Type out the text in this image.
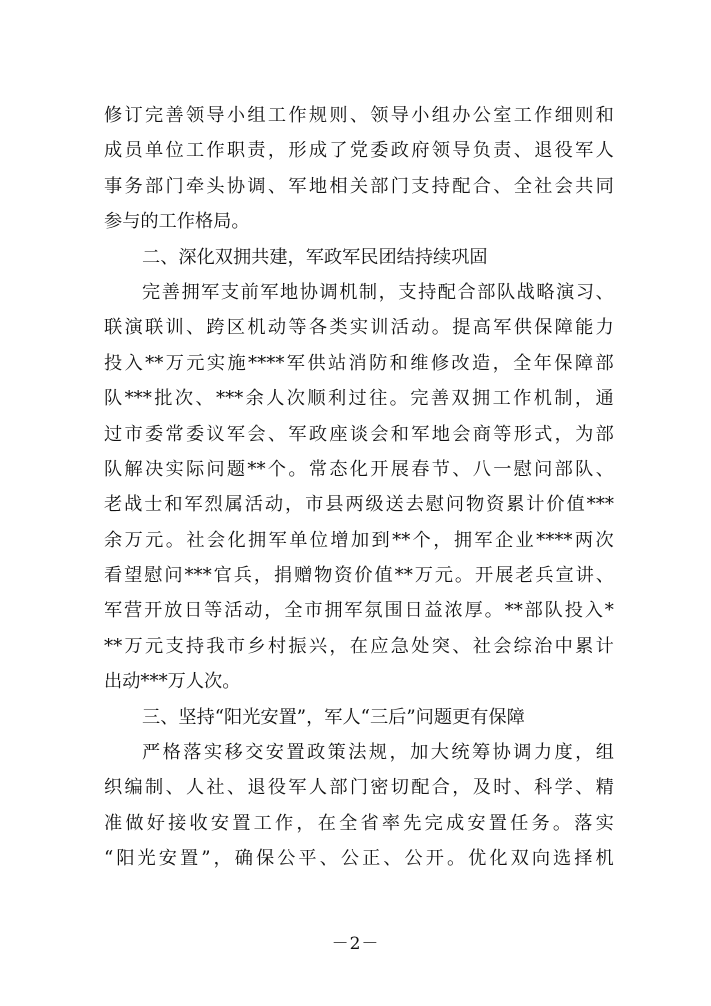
修 订 完 善 领 导 小 组 工 作 规 则 、 领 导 小 组 办 公 室 工 作 细 则 和
成 员 单 位 工 作 职 责 ， 形 成 了 党 委 政 府 领 导 负 责 、 退 役 军 人
事 务 部 门 牵 头 协 调 、 军 地 相 关 部 门 支 持 配 合 、 全 社 会 共 同
参与的工作格局。
二、深化双拥共建，军政军民团结持续巩固
完 善 拥 军 支 前 军 地 协 调 机 制 ， 支 持 配 合 部 队 战 略 演 习 、
联 演 联 训 、 跨 区 机 动 等 各 类 实 训 活 动 。 提 高 军 供 保 障 能 力
投 入 ** 万 元 实 施 **** 军 供 站 消 防 和 维 修 改 造 ， 全 年 保 障 部
队 *** 批 次 、 *** 余 人 次 顺 利 过 往 。 完 善 双 拥 工 作 机 制 ， 通
过 市 委 常 委 议 军 会 、 军 政 座 谈 会 和 军 地 会 商 等 形 式 ， 为 部
队 解 决 实 际 问 题 ** 个 。 常 态 化 开 展 春 节 、 八 一 慰 问 部 队 、
老 战 士 和 军 烈 属 活 动 ， 市 县 两 级 送 去 慰 问 物 资 累 计 价 值 ***
余 万 元 。 社 会 化 拥 军 单 位 增 加 到 ** 个 ， 拥 军 企 业 **** 两 次
看 望 慰 问 *** 官 兵 ， 捐 赠 物 资 价 值 ** 万 元 。 开 展 老 兵 宣 讲 、
军 营 开 放 日 等 活 动 ， 全 市 拥 军 氛 围 日 益 浓 厚 。 ** 部 队 投 入 *
** 万 元 支 持 我 市 乡 村 振 兴 ， 在 应 急 处 突 、 社 会 综 治 中 累 计
出动***万人次。
三、坚持“阳光安置”，军人“三后”问题更有保障
严 格 落 实 移 交 安 置 政 策 法 规 ， 加 大 统 筹 协 调 力 度 ， 组
织 编 制 、 人 社 、 退 役 军 人 部 门 密 切 配 合 ， 及 时 、 科 学 、 精
准 做 好 接 收 安 置 工 作 ， 在 全 省 率 先 完 成 安 置 任 务 。 落 实
“ 阳 光 安 置 ” ， 确 保 公 平 、 公 正 、 公 开 。 优 化 双 向 选 择 机
－2－
